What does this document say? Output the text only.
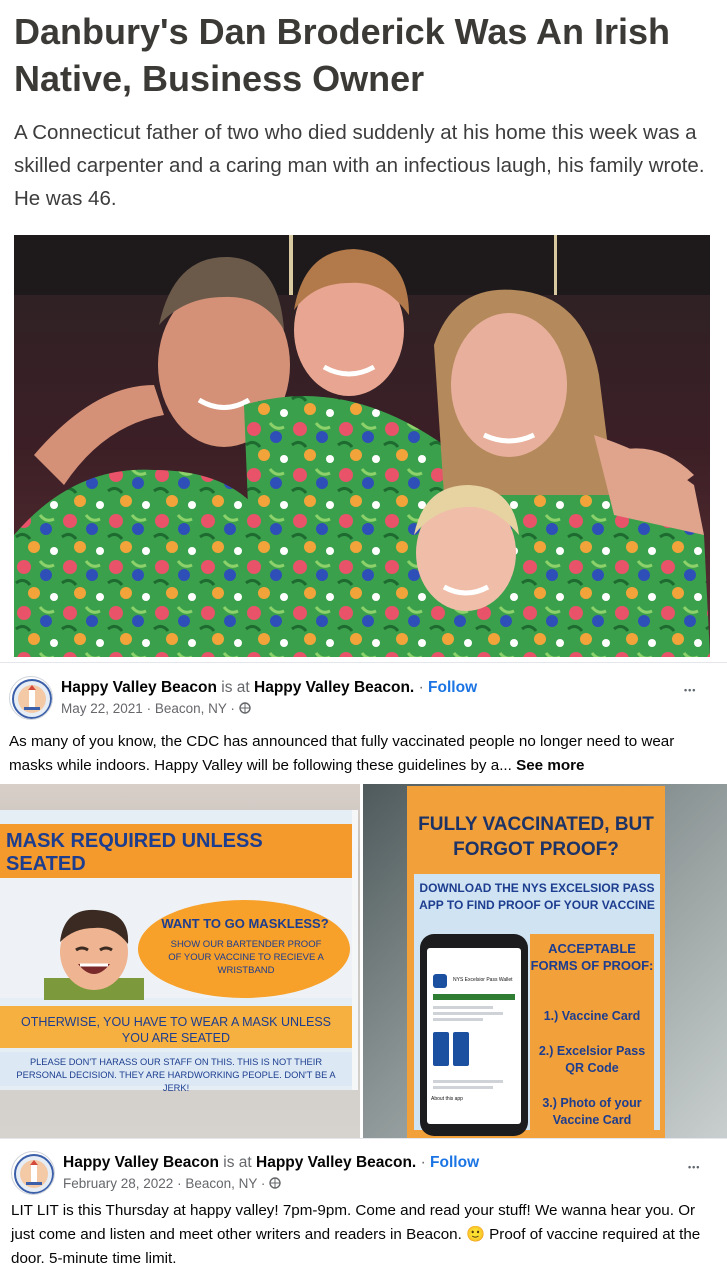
Danbury's Dan Broderick Was An Irish Native, Business Owner

A Connecticut father of two who died suddenly at his home this week was a skilled carpenter and a caring man with an infectious laugh, his family wrote. He was 46.

Happy Valley Beacon is at Happy Valley Beacon. · Follow
May 22, 2021 · Beacon, NY ·
•••
As many of you know, the CDC has announced that fully vaccinated people no longer need to wear masks while indoors. Happy Valley will be following these guidelines by a... See more
MASK REQUIRED UNLESS SEATED
WANT TO GO MASKLESS?
SHOW OUR BARTENDER PROOF OF YOUR VACCINE TO RECIEVE A WRISTBAND
OTHERWISE, YOU HAVE TO WEAR A MASK UNLESS YOU ARE SEATED
PLEASE DON'T HARASS OUR STAFF ON THIS. THIS IS NOT THEIR PERSONAL DECISION. THEY ARE HARDWORKING PEOPLE. DON'T BE A JERK!
FULLY VACCINATED, BUT FORGOT PROOF?
DOWNLOAD THE NYS EXCELSIOR PASS APP TO FIND PROOF OF YOUR VACCINE
NYS Excelsior Pass Wallet
About this app
ACCEPTABLE FORMS OF PROOF:
1.) Vaccine Card
2.) Excelsior Pass QR Code
3.) Photo of your Vaccine Card
Happy Valley Beacon is at Happy Valley Beacon. · Follow
February 28, 2022 · Beacon, NY ·
•••
LIT LIT is this Thursday at happy valley! 7pm-9pm. Come and read your stuff! We wanna hear you. Or just come and listen and meet other writers and readers in Beacon. 🙂 Proof of vaccine required at the door. 5-minute time limit.
